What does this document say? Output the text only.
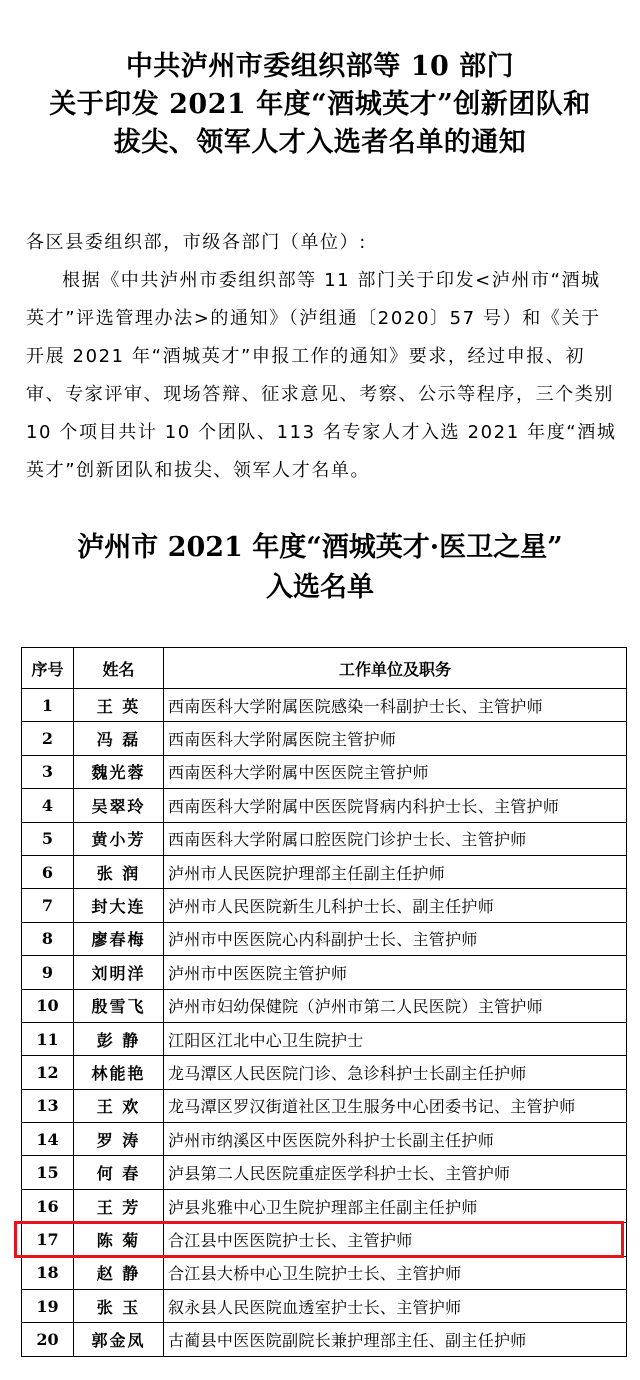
中共泸州市委组织部等 10 部门
关于印发 2021 年度“酒城英才”创新团队和
拔尖、领军人才入选者名单的通知

各区县委组织部，市级各部门（单位）:

根据《中共泸州市委组织部等 11 部门关于印发<泸州市“酒城英才”评选管理办法>的通知》（泸组通〔2020〕57 号）和《关于开展 2021 年“酒城英才”申报工作的通知》要求，经过申报、初审、专家评审、现场答辩、征求意见、考察、公示等程序，三个类别 10 个项目共计 10 个团队、113 名专家人才入选 2021 年度“酒城英才”创新团队和拔尖、领军人才名单。

泸州市 2021 年度“酒城英才·医卫之星”
入选名单
序号	姓名	工作单位及职务
1	王 英	西南医科大学附属医院感染一科副护士长、主管护师
2	冯 磊	西南医科大学附属医院主管护师
3	魏光蓉	西南医科大学附属中医医院主管护师
4	吴翠玲	西南医科大学附属中医医院肾病内科护士长、主管护师
5	黄小芳	西南医科大学附属口腔医院门诊护士长、主管护师
6	张 润	泸州市人民医院护理部主任副主任护师
7	封大连	泸州市人民医院新生儿科护士长、副主任护师
8	廖春梅	泸州市中医医院心内科副护士长、主管护师
9	刘明洋	泸州市中医医院主管护师
10	殷雪飞	泸州市妇幼保健院（泸州市第二人民医院）主管护师
11	彭 静	江阳区江北中心卫生院护士
12	林能艳	龙马潭区人民医院门诊、急诊科护士长副主任护师
13	王 欢	龙马潭区罗汉街道社区卫生服务中心团委书记、主管护师
14	罗 涛	泸州市纳溪区中医医院外科护士长副主任护师
15	何 春	泸县第二人民医院重症医学科护士长、主管护师
16	王 芳	泸县兆雅中心卫生院护理部主任副主任护师
17	陈 菊	合江县中医医院护士长、主管护师
18	赵 静	合江县大桥中心卫生院护士长、主管护师
19	张 玉	叙永县人民医院血透室护士长、主管护师
20	郭金凤	古蔺县中医医院副院长兼护理部主任、副主任护师
